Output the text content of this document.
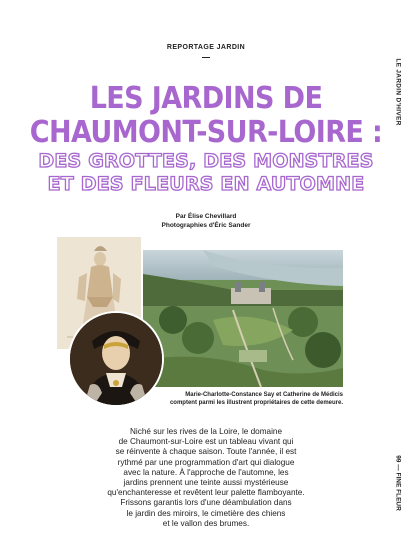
REPORTAGE JARDIN
LE JARDIN D'HIVER
LES JARDINS DE
CHAUMONT-SUR-LOIRE :
DES GROTTES, DES MONSTRES
ET DES FLEURS EN AUTOMNE
Par Élise Chevillard
Photographies d'Éric Sander
Marie-Charlotte-Constance Say et Catherine de Médicis
comptent parmi les illustrent propriétaires de cette demeure.
Niché sur les rives de la Loire, le domaine
de Chaumont-sur-Loire est un tableau vivant qui
se réinvente à chaque saison. Toute l'année, il est
rythmé par une programmation d'art qui dialogue
avec la nature. À l'approche de l'automne, les
jardins prennent une teinte aussi mystérieuse
qu'enchanteresse et revêtent leur palette flamboyante.
Frissons garantis lors d'une déambulation dans
le jardin des miroirs, le cimetière des chiens
et le vallon des brumes.
99 — FINE FLEUR
